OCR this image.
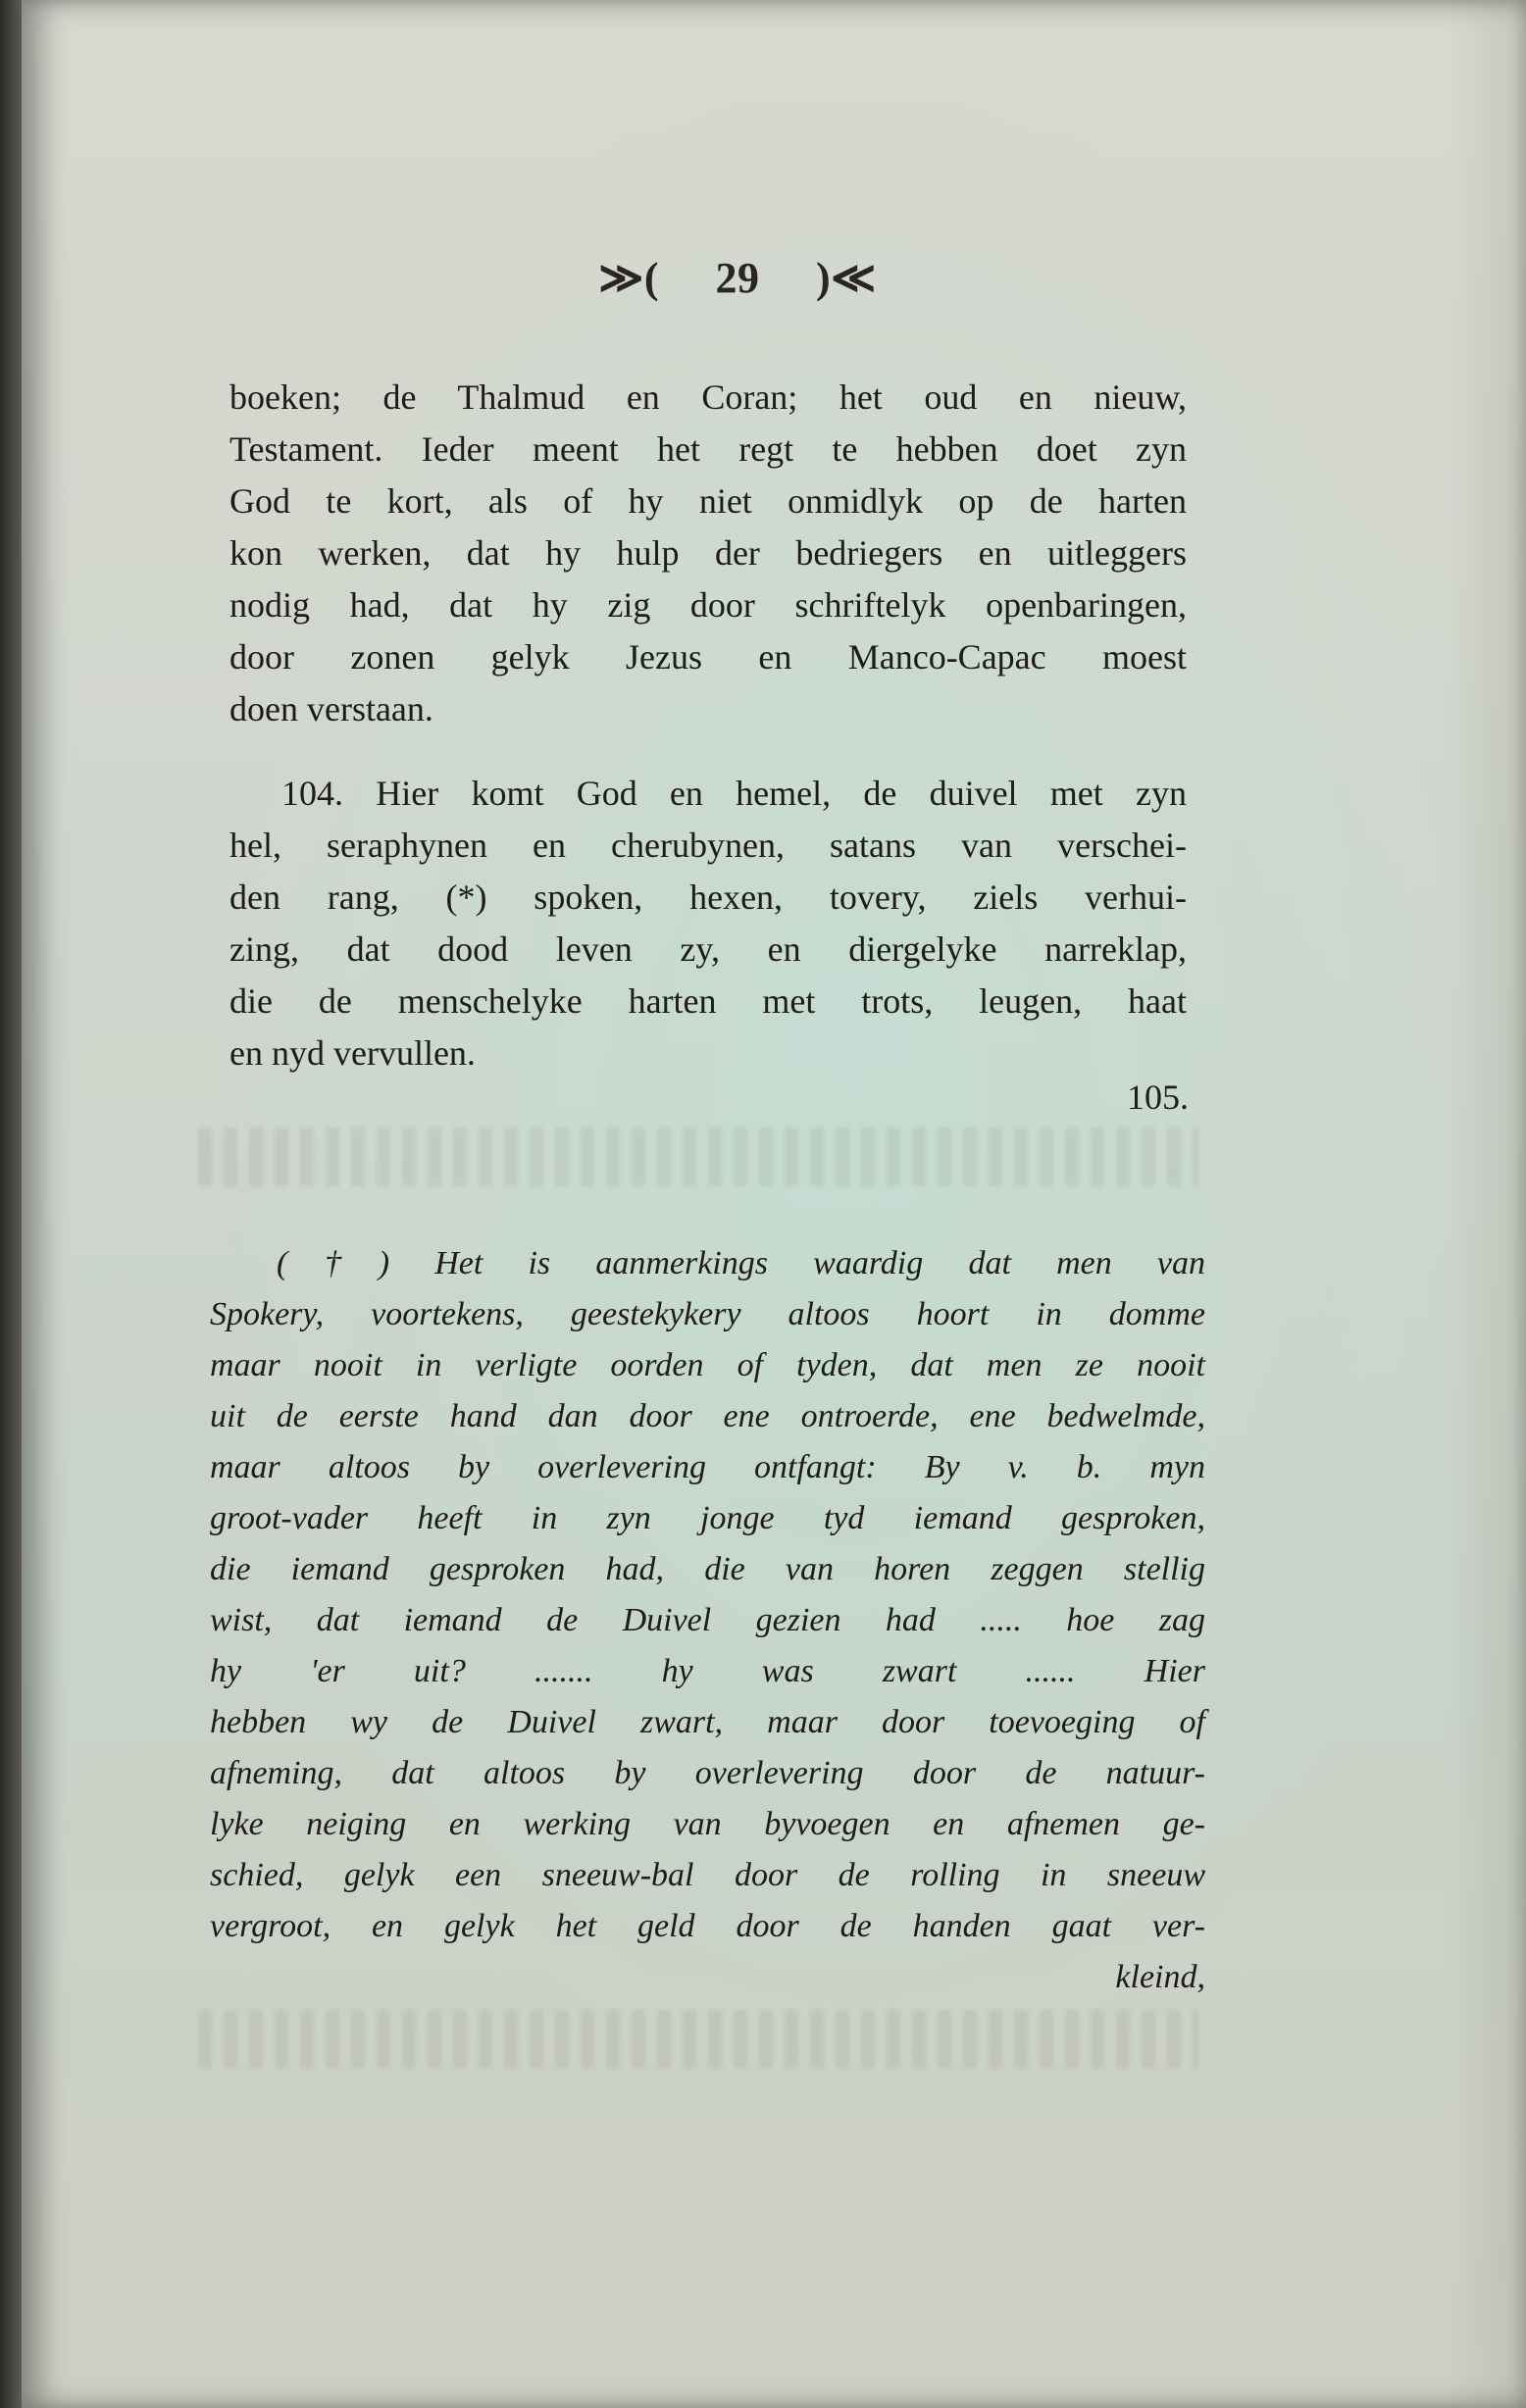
≫( 29 )≪
boeken; de Thalmud en Coran; het oud en nieuw,
Testament. Ieder meent het regt te hebben doet zyn
God te kort, als of hy niet onmidlyk op de harten
kon werken, dat hy hulp der bedriegers en uitleggers
nodig had, dat hy zig door schriftelyk openbaringen,
door zonen gelyk Jezus en Manco-Capac moest
doen verstaan.
104. Hier komt God en hemel, de duivel met zyn
hel, seraphynen en cherubynen, satans van verschei-
den rang, (*) spoken, hexen, tovery, ziels verhui-
zing, dat dood leven zy, en diergelyke narreklap,
die de menschelyke harten met trots, leugen, haat
en nyd vervullen.
105.
(†) Het is aanmerkings waardig dat men van
Spokery, voortekens, geestekykery altoos hoort in domme
maar nooit in verligte oorden of tyden, dat men ze nooit
uit de eerste hand dan door ene ontroerde, ene bedwelmde,
maar altoos by overlevering ontfangt: By v. b. myn
groot-vader heeft in zyn jonge tyd iemand gesproken,
die iemand gesproken had, die van horen zeggen stellig
wist, dat iemand de Duivel gezien had ..... hoe zag
hy 'er uit? ....... hy was zwart ...... Hier
hebben wy de Duivel zwart, maar door toevoeging of
afneming, dat altoos by overlevering door de natuur-
lyke neiging en werking van byvoegen en afnemen ge-
schied, gelyk een sneeuw-bal door de rolling in sneeuw
vergroot, en gelyk het geld door de handen gaat ver-
kleind,
